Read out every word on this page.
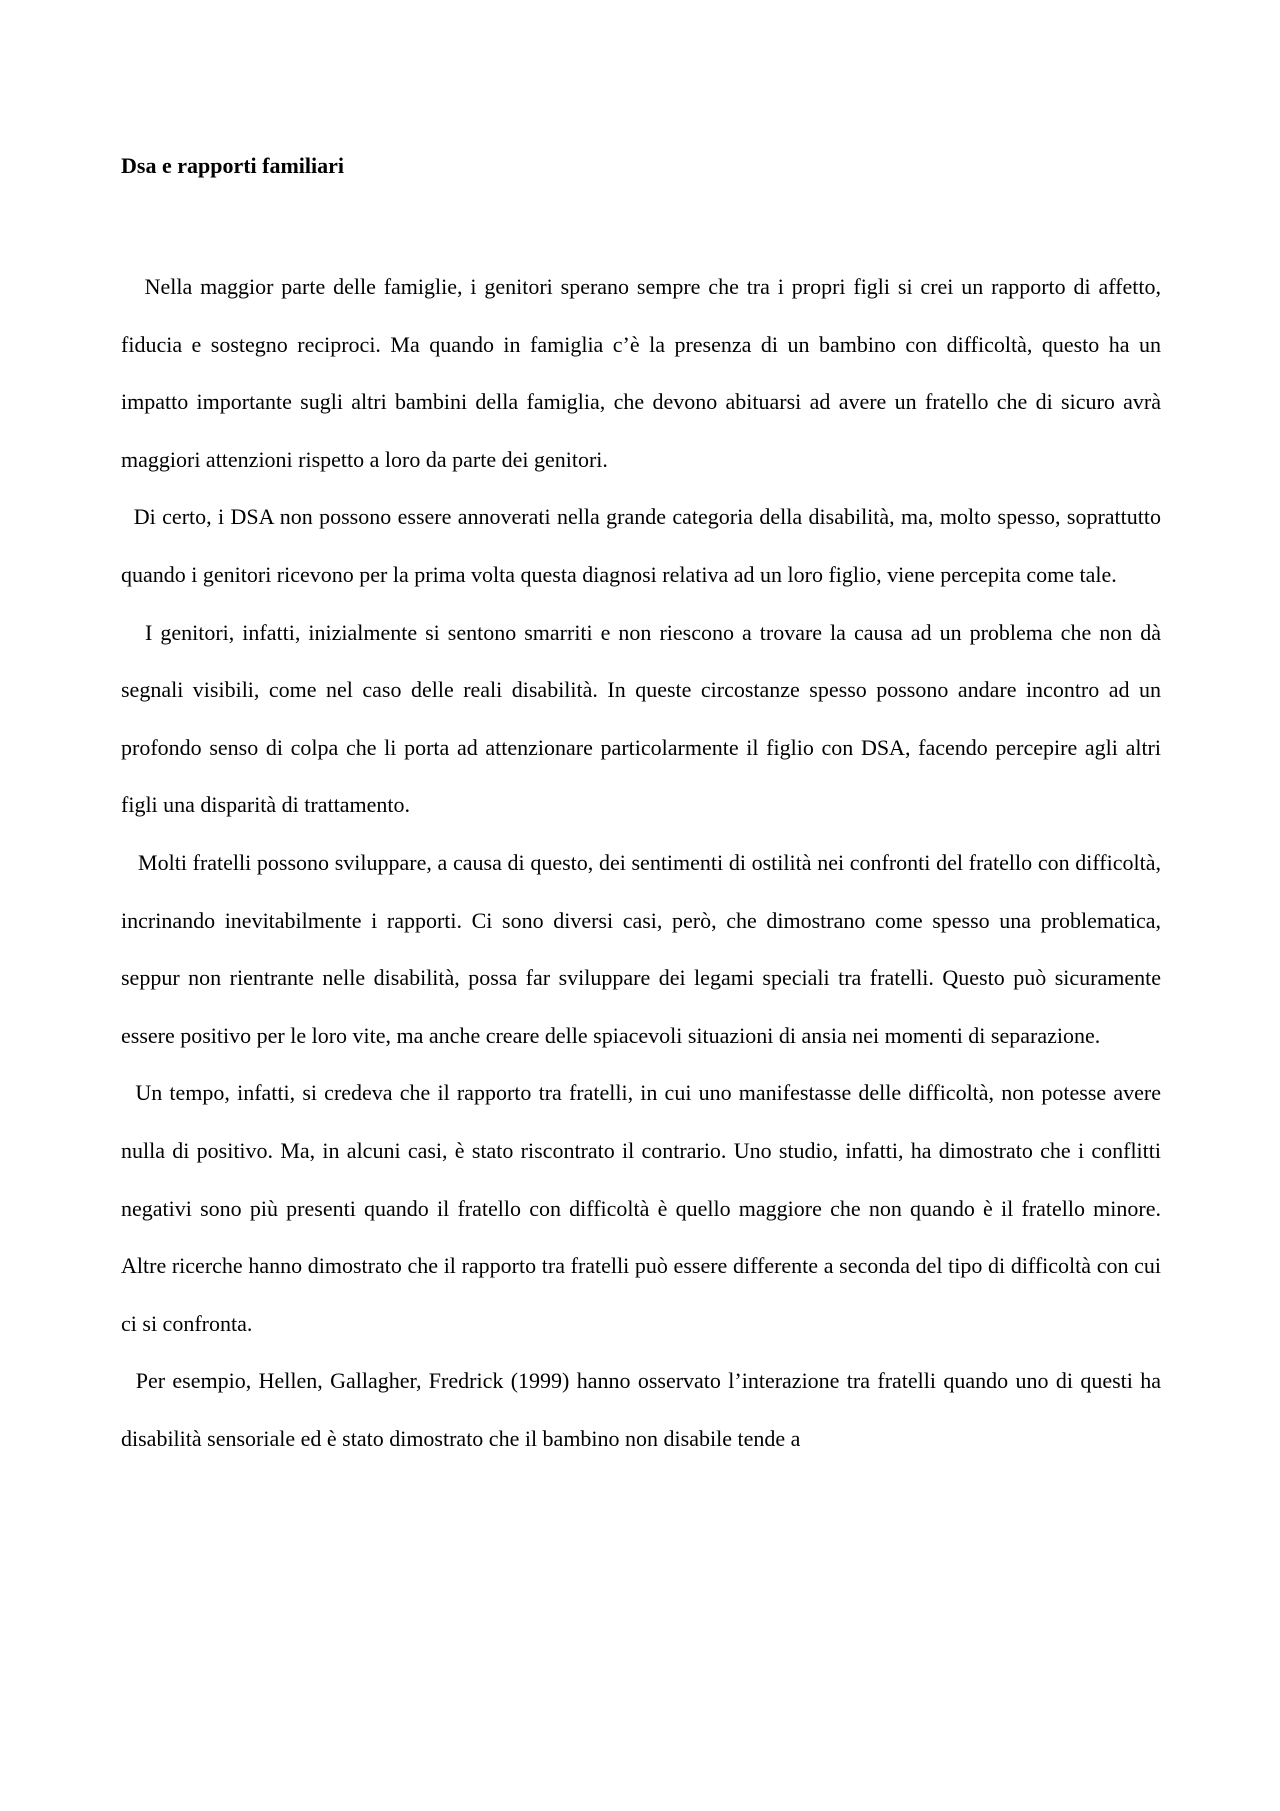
Dsa e rapporti familiari

Nella maggior parte delle famiglie, i genitori sperano sempre che tra i propri figli si crei un rapporto di affetto, fiducia e sostegno reciproci. Ma quando in famiglia c’è la presenza di un bambino con difficoltà, questo ha un impatto importante sugli altri bambini della famiglia, che devono abituarsi ad avere un fratello che di sicuro avrà maggiori attenzioni rispetto a loro da parte dei genitori.

Di certo, i DSA non possono essere annoverati nella grande categoria della disabilità, ma, molto spesso, soprattutto quando i genitori ricevono per la prima volta questa diagnosi relativa ad un loro figlio, viene percepita come tale.

I genitori, infatti, inizialmente si sentono smarriti e non riescono a trovare la causa ad un problema che non dà segnali visibili, come nel caso delle reali disabilità. In queste circostanze spesso possono andare incontro ad un profondo senso di colpa che li porta ad attenzionare particolarmente il figlio con DSA, facendo percepire agli altri figli una disparità di trattamento.

Molti fratelli possono sviluppare, a causa di questo, dei sentimenti di ostilità nei confronti del fratello con difficoltà, incrinando inevitabilmente i rapporti. Ci sono diversi casi, però, che dimostrano come spesso una problematica, seppur non rientrante nelle disabilità, possa far sviluppare dei legami speciali tra fratelli. Questo può sicuramente essere positivo per le loro vite, ma anche creare delle spiacevoli situazioni di ansia nei momenti di separazione.

Un tempo, infatti, si credeva che il rapporto tra fratelli, in cui uno manifestasse delle difficoltà, non potesse avere nulla di positivo. Ma, in alcuni casi, è stato riscontrato il contrario. Uno studio, infatti, ha dimostrato che i conflitti negativi sono più presenti quando il fratello con difficoltà è quello maggiore che non quando è il fratello minore. Altre ricerche hanno dimostrato che il rapporto tra fratelli può essere differente a seconda del tipo di difficoltà con cui ci si confronta.

Per esempio, Hellen, Gallagher, Fredrick (1999) hanno osservato l’interazione tra fratelli quando uno di questi ha disabilità sensoriale ed è stato dimostrato che il bambino non disabile tende a
